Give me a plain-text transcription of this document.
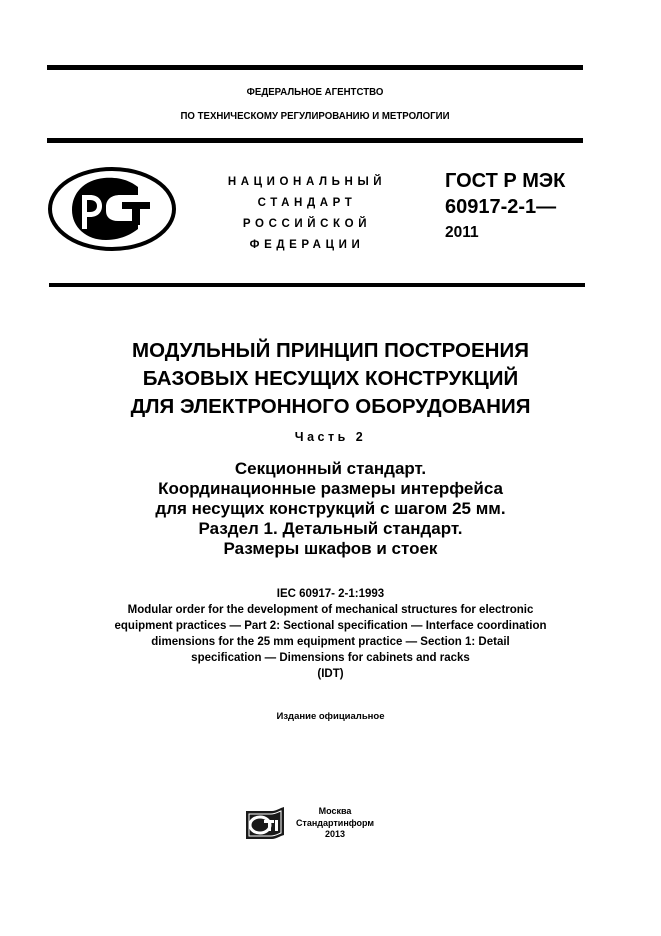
ФЕДЕРАЛЬНОЕ АГЕНТСТВО
ПО ТЕХНИЧЕСКОМУ РЕГУЛИРОВАНИЮ И МЕТРОЛОГИИ
НАЦИОНАЛЬНЫЙ
СТАНДАРТ
РОССИЙСКОЙ
ФЕДЕРАЦИИ
ГОСТ Р МЭК
60917-2-1—
2011
МОДУЛЬНЫЙ ПРИНЦИП ПОСТРОЕНИЯ
БАЗОВЫХ НЕСУЩИХ КОНСТРУКЦИЙ
ДЛЯ ЭЛЕКТРОННОГО ОБОРУДОВАНИЯ
Часть 2
Секционный стандарт.
Координационные размеры интерфейса
для несущих конструкций с шагом 25 мм.
Раздел 1. Детальный стандарт.
Размеры шкафов и стоек
IEC 60917- 2-1:1993
Modular order for the development of mechanical structures for electronic
equipment practices — Part 2: Sectional specification — Interface coordination
dimensions for the 25 mm equipment practice — Section 1: Detail
specification — Dimensions for cabinets and racks
(IDT)
Издание официальное
Москва
Стандартинформ
2013
